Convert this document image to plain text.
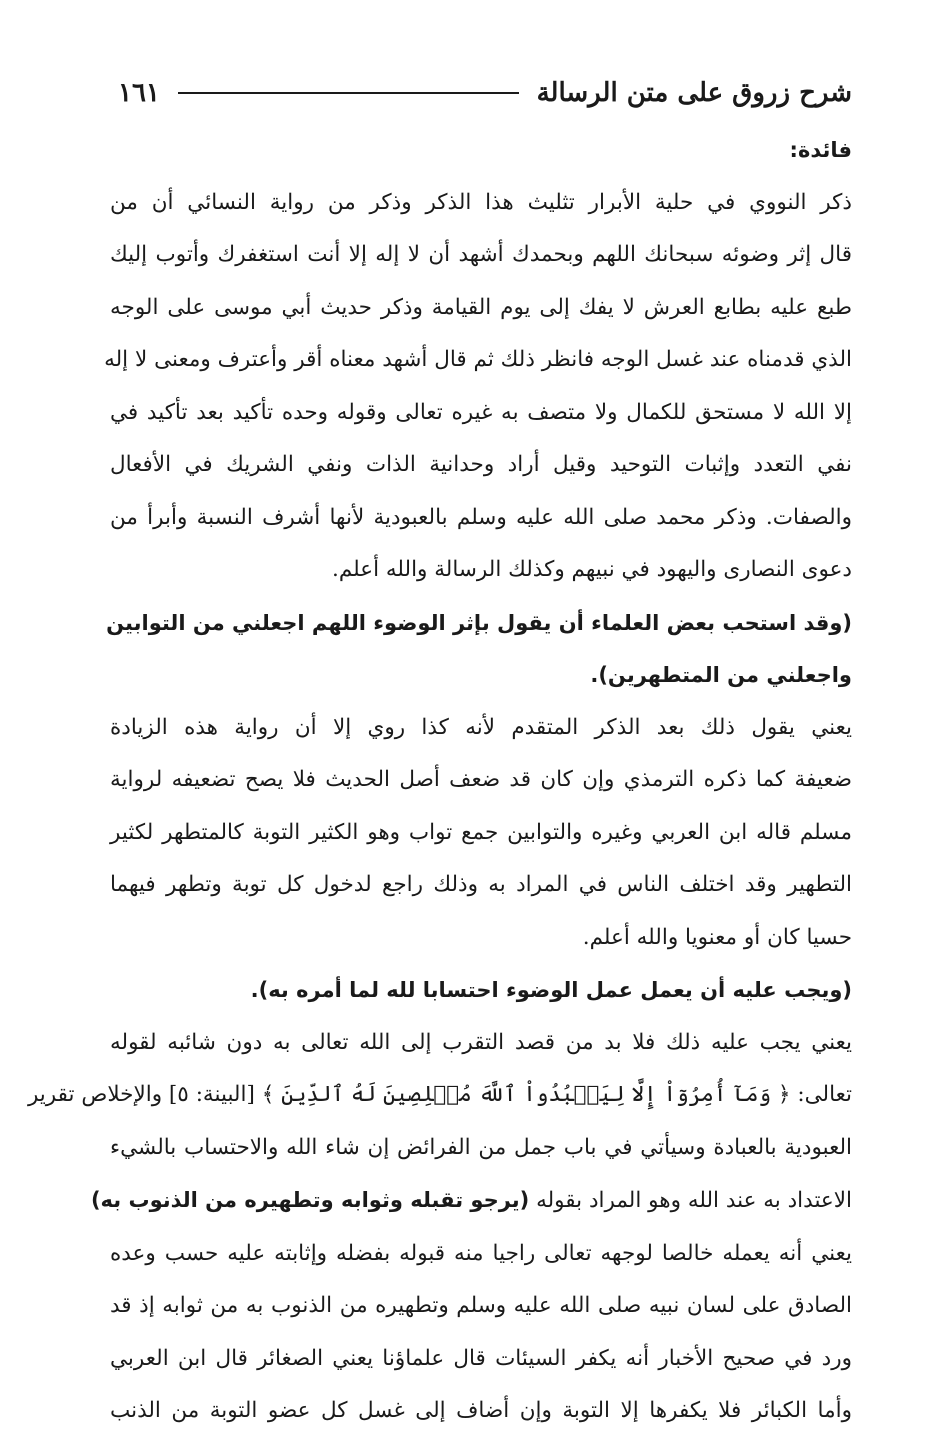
شرح زروق على متن الرسالة
١٦١
فائدة:
ذكر النووي في حلية الأبرار تثليث هذا الذكر وذكر من رواية النسائي أن من
قال إثر وضوئه سبحانك اللهم وبحمدك أشهد أن لا إله إلا أنت استغفرك وأتوب إليك
طبع عليه بطابع العرش لا يفك إلى يوم القيامة وذكر حديث أبي موسى على الوجه
الذي قدمناه عند غسل الوجه فانظر ذلك ثم قال أشهد معناه أقر وأعترف ومعنى لا إله
إلا الله لا مستحق للكمال ولا متصف به غيره تعالى وقوله وحده تأكيد بعد تأكيد في
نفي التعدد وإثبات التوحيد وقيل أراد وحدانية الذات ونفي الشريك في الأفعال
والصفات. وذكر محمد صلى الله عليه وسلم بالعبودية لأنها أشرف النسبة وأبرأ من
دعوى النصارى واليهود في نبيهم وكذلك الرسالة والله أعلم.
(وقد استحب بعض العلماء أن يقول بإثر الوضوء اللهم اجعلني من التوابين
واجعلني من المتطهرين).
يعني يقول ذلك بعد الذكر المتقدم لأنه كذا روي إلا أن رواية هذه الزيادة
ضعيفة كما ذكره الترمذي وإن كان قد ضعف أصل الحديث فلا يصح تضعيفه لرواية
مسلم قاله ابن العربي وغيره والتوابين جمع تواب وهو الكثير التوبة كالمتطهر لكثير
التطهير وقد اختلف الناس في المراد به وذلك راجع لدخول كل توبة وتطهر فيهما
حسيا كان أو معنويا والله أعلم.
(ويجب عليه أن يعمل عمل الوضوء احتسابا لله لما أمره به).
يعني يجب عليه ذلك فلا بد من قصد التقرب إلى الله تعالى به دون شائبه لقوله
تعالى: ﴿ وَمَآ أُمِرُوٓاْ إِلَّا لِيَعۡبُدُواْ ٱللَّهَ مُخۡلِصِينَ لَهُ ٱلدِّينَ ﴾ [البينة: ٥] والإخلاص تقرير
العبودية بالعبادة وسيأتي في باب جمل من الفرائض إن شاء الله والاحتساب بالشيء
الاعتداد به عند الله وهو المراد بقوله (يرجو تقبله وثوابه وتطهيره من الذنوب به)
يعني أنه يعمله خالصا لوجهه تعالى راجيا منه قبوله بفضله وإثابته عليه حسب وعده
الصادق على لسان نبيه صلى الله عليه وسلم وتطهيره من الذنوب به من ثوابه إذ قد
ورد في صحيح الأخبار أنه يكفر السيئات قال علماؤنا يعني الصغائر قال ابن العربي
وأما الكبائر فلا يكفرها إلا التوبة وإن أضاف إلى غسل كل عضو التوبة من الذنب
